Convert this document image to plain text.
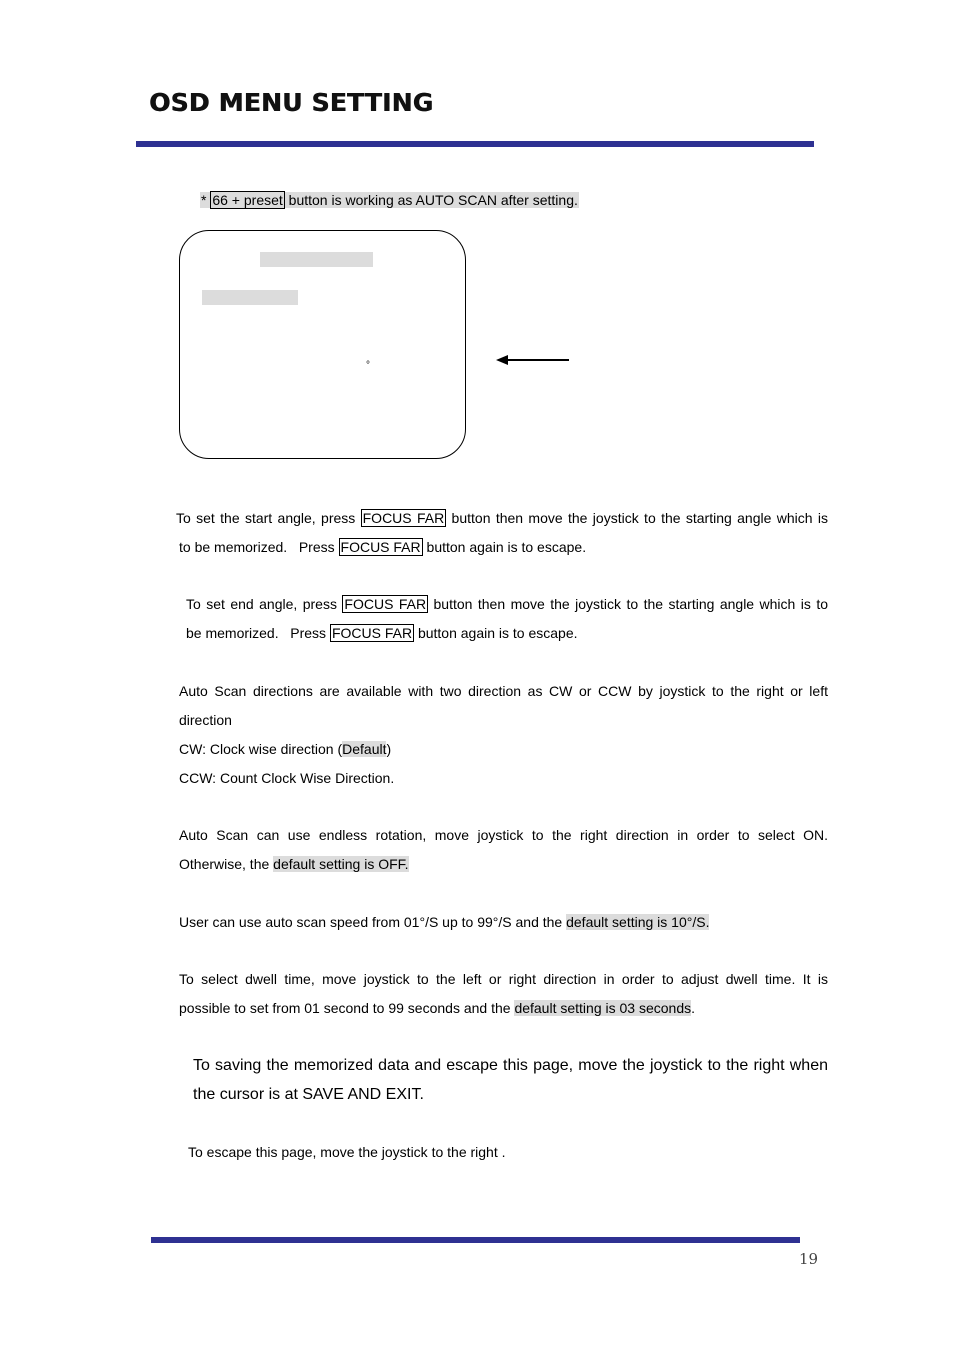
OSD MENU SETTING
* 66 + preset button is working as AUTO SCAN after setting.
°
To set the start angle, press FOCUS FAR button then move the joystick to the starting angle which is
to be memorized.   Press FOCUS FAR button again is to escape.
To set end angle, press FOCUS FAR button then move the joystick to the starting angle which is to
be memorized.   Press FOCUS FAR button again is to escape.
Auto Scan directions are available with two direction as CW or CCW by joystick to the right or left
direction
CW: Clock wise direction (Default)
CCW: Count Clock Wise Direction.
Auto Scan can use endless rotation, move joystick to the right direction in order to select ON.
Otherwise, the default setting is OFF.
User can use auto scan speed from 01°/S up to 99°/S and the default setting is 10°/S.
To select dwell time, move joystick to the left or right direction in order to adjust dwell time. It is
possible to set from 01 second to 99 seconds and the default setting is 03 seconds.
To saving the memorized data and escape this page, move the joystick to the right when
the cursor is at SAVE AND EXIT.
To escape this page, move the joystick to the right .
19
